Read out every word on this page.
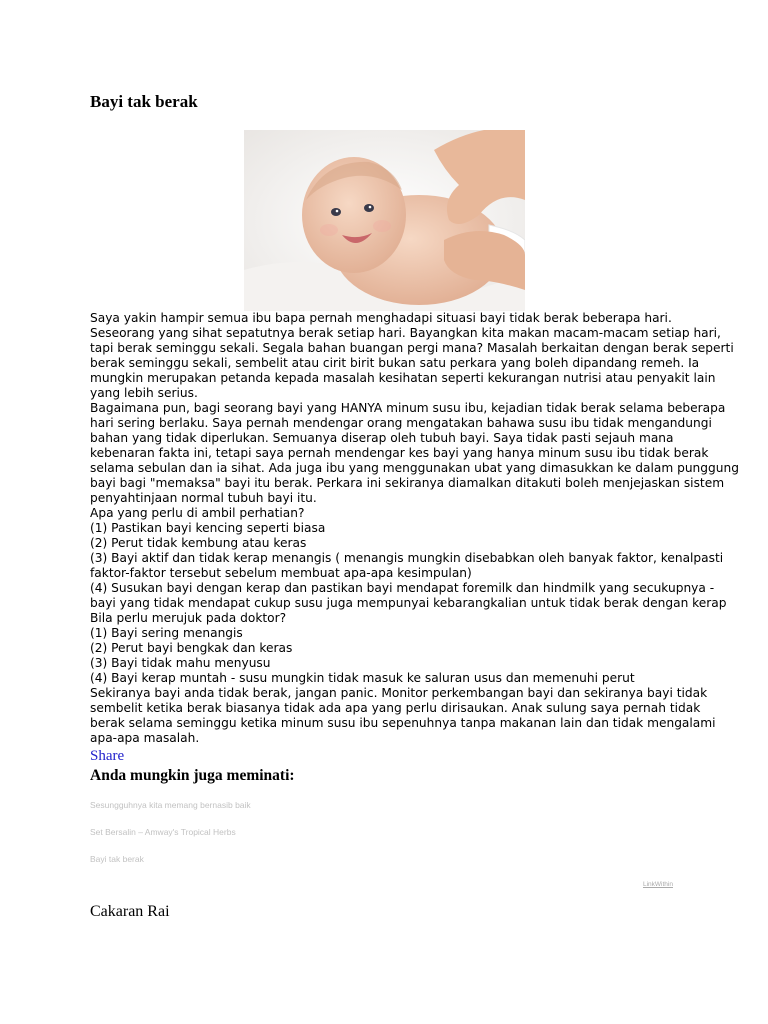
Bayi tak berak
Saya yakin hampir semua ibu bapa pernah menghadapi situasi bayi tidak berak beberapa hari.
Seseorang yang sihat sepatutnya berak setiap hari. Bayangkan kita makan macam-macam setiap hari,
tapi berak seminggu sekali. Segala bahan buangan pergi mana? Masalah berkaitan dengan berak seperti
berak seminggu sekali, sembelit atau cirit birit bukan satu perkara yang boleh dipandang remeh. Ia
mungkin merupakan petanda kepada masalah kesihatan seperti kekurangan nutrisi atau penyakit lain
yang lebih serius.
Bagaimana pun, bagi seorang bayi yang HANYA minum susu ibu, kejadian tidak berak selama beberapa
hari sering berlaku. Saya pernah mendengar orang mengatakan bahawa susu ibu tidak mengandungi
bahan yang tidak diperlukan. Semuanya diserap oleh tubuh bayi. Saya tidak pasti sejauh mana
kebenaran fakta ini, tetapi saya pernah mendengar kes bayi yang hanya minum susu ibu tidak berak
selama sebulan dan ia sihat. Ada juga ibu yang menggunakan ubat yang dimasukkan ke dalam punggung
bayi bagi "memaksa" bayi itu berak. Perkara ini sekiranya diamalkan ditakuti boleh menjejaskan sistem
penyahtinjaan normal tubuh bayi itu.
Apa yang perlu di ambil perhatian?
(1) Pastikan bayi kencing seperti biasa
(2) Perut tidak kembung atau keras
(3) Bayi aktif dan tidak kerap menangis ( menangis mungkin disebabkan oleh banyak faktor, kenalpasti
faktor-faktor tersebut sebelum membuat apa-apa kesimpulan)
(4) Susukan bayi dengan kerap dan pastikan bayi mendapat foremilk dan hindmilk yang secukupnya -
bayi yang tidak mendapat cukup susu juga mempunyai kebarangkalian untuk tidak berak dengan kerap
Bila perlu merujuk pada doktor?
(1) Bayi sering menangis
(2) Perut bayi bengkak dan keras
(3) Bayi tidak mahu menyusu
(4) Bayi kerap muntah - susu mungkin tidak masuk ke saluran usus dan memenuhi perut
Sekiranya bayi anda tidak berak, jangan panic. Monitor perkembangan bayi dan sekiranya bayi tidak
sembelit ketika berak biasanya tidak ada apa yang perlu dirisaukan. Anak sulung saya pernah tidak
berak selama seminggu ketika minum susu ibu sepenuhnya tanpa makanan lain dan tidak mengalami
apa-apa masalah.
Share
Anda mungkin juga meminati:
Sesungguhnya kita memang bernasib baik
Set Bersalin – Amway's Tropical Herbs
Bayi tak berak
LinkWithin
Cakaran Rai
